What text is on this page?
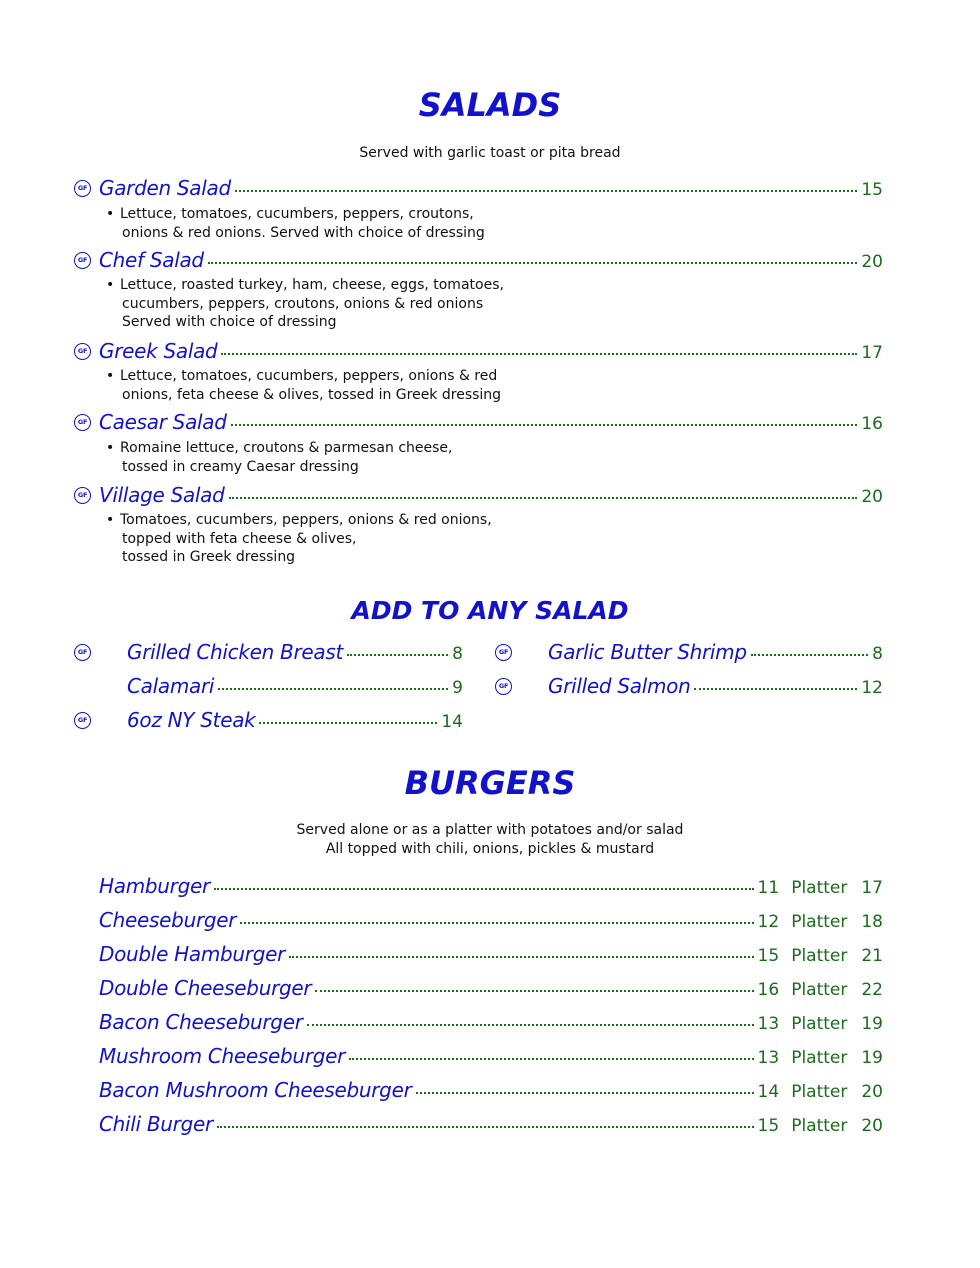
SALADS

Served with garlic toast or pita bread

GF Garden Salad	15
• Lettuce, tomatoes, cucumbers, peppers, croutons,
onions & red onions. Served with choice of dressing
GF Chef Salad	20
• Lettuce, roasted turkey, ham, cheese, eggs, tomatoes,
cucumbers, peppers, croutons, onions & red onions
Served with choice of dressing
GF Greek Salad	17
• Lettuce, tomatoes, cucumbers, peppers, onions & red
onions, feta cheese & olives, tossed in Greek dressing
GF Caesar Salad	16
• Romaine lettuce, croutons & parmesan cheese,
tossed in creamy Caesar dressing
GF Village Salad	20
• Tomatoes, cucumbers, peppers, onions & red onions,
topped with feta cheese & olives,
tossed in Greek dressing
ADD TO ANY SALAD
GF Grilled Chicken Breast	8
Calamari	9
GF 6oz NY Steak	14
GF Garlic Butter Shrimp	8
GF Grilled Salmon	12
BURGERS

Served alone or as a platter with potatoes and/or salad

All topped with chili, onions, pickles & mustard

Hamburger	11 Platter 17
Cheeseburger	12 Platter 18
Double Hamburger	15 Platter 21
Double Cheeseburger	16 Platter 22
Bacon Cheeseburger	13 Platter 19
Mushroom Cheeseburger	13 Platter 19
Bacon Mushroom Cheeseburger	14 Platter 20
Chili Burger	15 Platter 20
